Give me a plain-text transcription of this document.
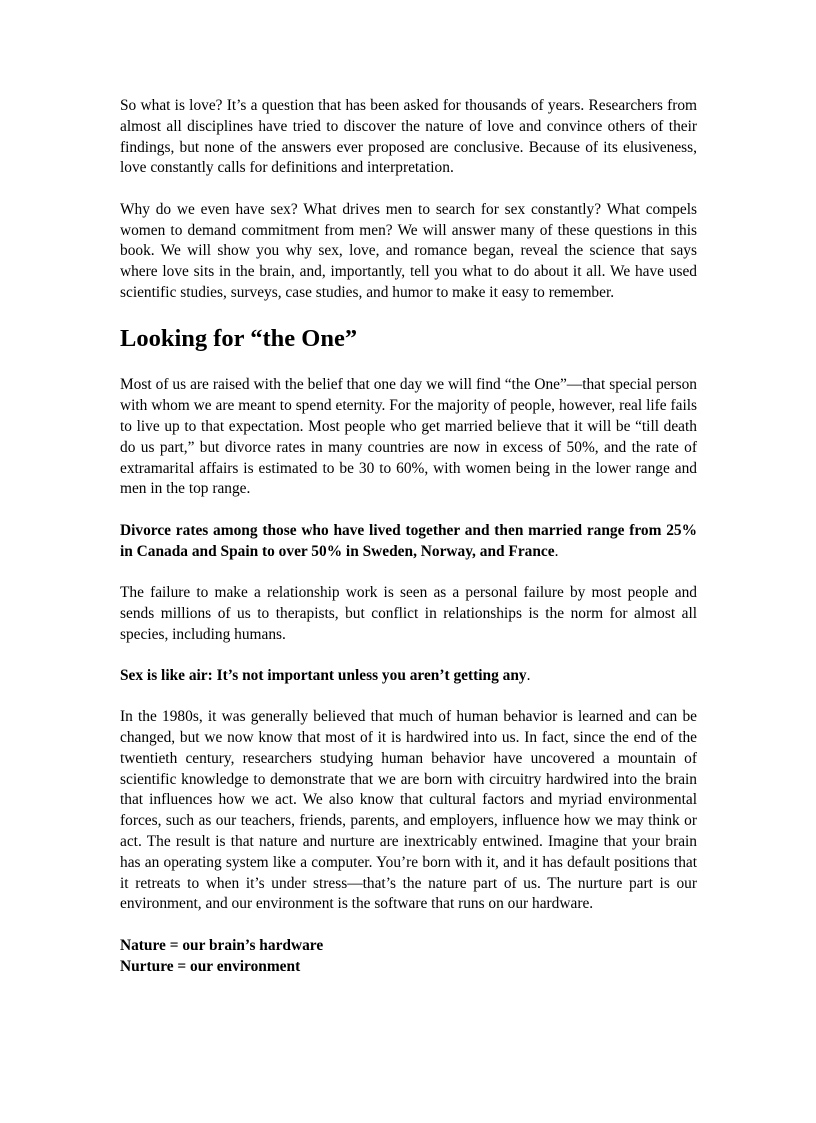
So what is love? It’s a question that has been asked for thousands of years. Researchers from almost all disciplines have tried to discover the nature of love and convince others of their findings, but none of the answers ever proposed are conclusive. Because of its elusiveness, love constantly calls for definitions and interpretation.

Why do we even have sex? What drives men to search for sex constantly? What compels women to demand commitment from men? We will answer many of these questions in this book. We will show you why sex, love, and romance began, reveal the science that says where love sits in the brain, and, importantly, tell you what to do about it all. We have used scientific studies, surveys, case studies, and humor to make it easy to remember.

Looking for “the One”

Most of us are raised with the belief that one day we will find “the One”—that special person with whom we are meant to spend eternity. For the majority of people, however, real life fails to live up to that expectation. Most people who get married believe that it will be “till death do us part,” but divorce rates in many countries are now in excess of 50%, and the rate of extramarital affairs is estimated to be 30 to 60%, with women being in the lower range and men in the top range.

Divorce rates among those who have lived together and then married range from 25% in Canada and Spain to over 50% in Sweden, Norway, and France.

The failure to make a relationship work is seen as a personal failure by most people and sends millions of us to therapists, but conflict in relationships is the norm for almost all species, including humans.

Sex is like air: It’s not important unless you aren’t getting any.

In the 1980s, it was generally believed that much of human behavior is learned and can be changed, but we now know that most of it is hardwired into us. In fact, since the end of the twentieth century, researchers studying human behavior have uncovered a mountain of scientific knowledge to demonstrate that we are born with circuitry hardwired into the brain that influences how we act. We also know that cultural factors and myriad environmental forces, such as our teachers, friends, parents, and employers, influence how we may think or act. The result is that nature and nurture are inextricably entwined. Imagine that your brain has an operating system like a computer. You’re born with it, and it has default positions that it retreats to when it’s under stress—that’s the nature part of us. The nurture part is our environment, and our environment is the software that runs on our hardware.

Nature = our brain’s hardware
Nurture = our environment
